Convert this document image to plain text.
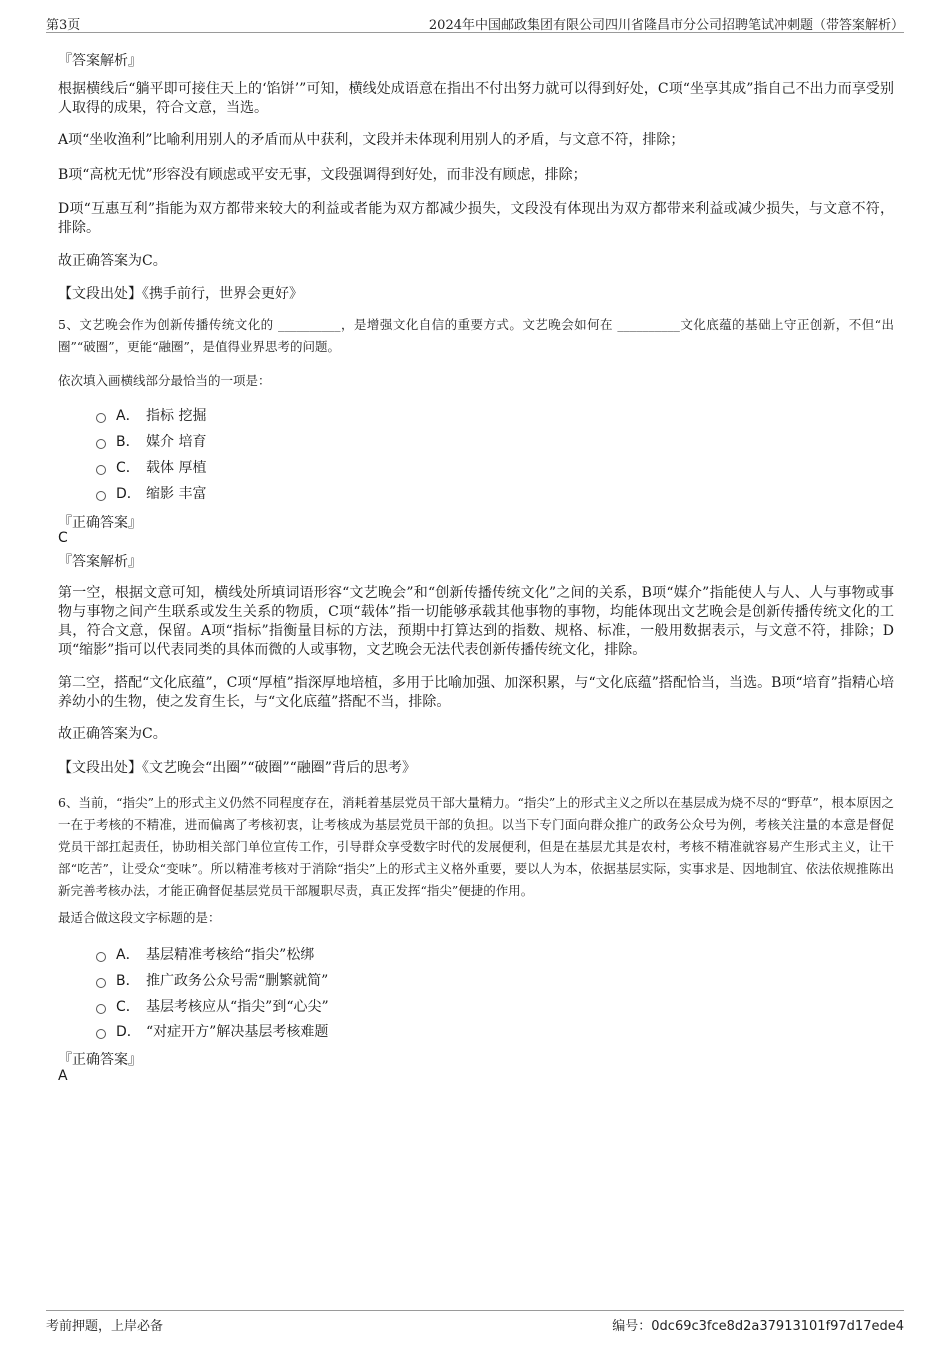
第3页	2024年中国邮政集团有限公司四川省隆昌市分公司招聘笔试冲刺题（带答案解析）

『答案解析』

根据横线后“躺平即可接住天上的‘馅饼’”可知，横线处成语意在指出不付出努力就可以得到好处，C项“坐享其成”指自己不出力而享受别人取得的成果，符合文意，当选。

A项“坐收渔利”比喻利用别人的矛盾而从中获利，文段并未体现利用别人的矛盾，与文意不符，排除；

B项“高枕无忧”形容没有顾虑或平安无事，文段强调得到好处，而非没有顾虑，排除；

D项“互惠互利”指能为双方都带来较大的利益或者能为双方都减少损失，文段没有体现出为双方都带来利益或减少损失，与文意不符，排除。

故正确答案为C。

【文段出处】《携手前行，世界会更好》

5、文艺晚会作为创新传播传统文化的 __________，是增强文化自信的重要方式。文艺晚会如何在 __________文化底蕴的基础上守正创新，不但“出圈”“破圈”，更能“融圈”，是值得业界思考的问题。

依次填入画横线部分最恰当的一项是：

A． 指标 挖掘
B． 媒介 培育
C． 载体 厚植
D． 缩影 丰富

『正确答案』

C

『答案解析』

第一空，根据文意可知，横线处所填词语形容“文艺晚会”和“创新传播传统文化”之间的关系，B项“媒介”指能使人与人、人与事物或事物与事物之间产生联系或发生关系的物质，C项“载体”指一切能够承载其他事物的事物，均能体现出文艺晚会是创新传播传统文化的工具，符合文意，保留。A项“指标”指衡量目标的方法，预期中打算达到的指数、规格、标准，一般用数据表示，与文意不符，排除；D项“缩影”指可以代表同类的具体而微的人或事物，文艺晚会无法代表创新传播传统文化，排除。

第二空，搭配“文化底蕴”，C项“厚植”指深厚地培植，多用于比喻加强、加深积累，与“文化底蕴”搭配恰当，当选。B项“培育”指精心培养幼小的生物，使之发育生长，与“文化底蕴”搭配不当，排除。

故正确答案为C。

【文段出处】《文艺晚会“出圈”“破圈”“融圈”背后的思考》

6、当前，“指尖”上的形式主义仍然不同程度存在，消耗着基层党员干部大量精力。“指尖”上的形式主义之所以在基层成为烧不尽的“野草”，根本原因之一在于考核的不精准，进而偏离了考核初衷，让考核成为基层党员干部的负担。以当下专门面向群众推广的政务公众号为例，考核关注量的本意是督促党员干部扛起责任，协助相关部门单位宣传工作，引导群众享受数字时代的发展便利，但是在基层尤其是农村，考核不精准就容易产生形式主义，让干部“吃苦”，让受众“变味”。所以精准考核对于消除“指尖”上的形式主义格外重要，要以人为本，依据基层实际，实事求是、因地制宜、依法依规推陈出新完善考核办法，才能正确督促基层党员干部履职尽责，真正发挥“指尖”便捷的作用。

最适合做这段文字标题的是：

A． 基层精准考核给“指尖”松绑
B． 推广政务公众号需“删繁就简”
C． 基层考核应从“指尖”到“心尖”
D． “对症开方”解决基层考核难题

『正确答案』

A

考前押题，上岸必备	编号：0dc69c3fce8d2a37913101f97d17ede4
